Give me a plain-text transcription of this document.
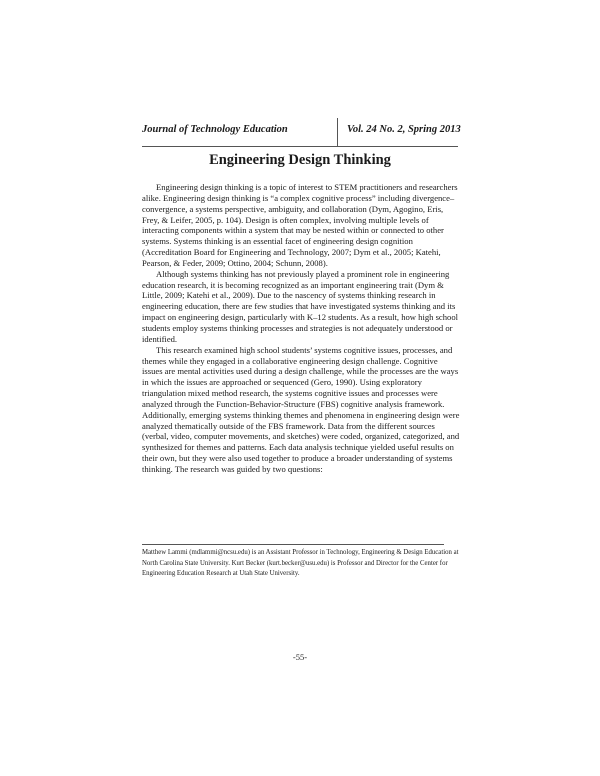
Journal of Technology Education	Vol. 24 No. 2, Spring 2013
Engineering Design Thinking

Engineering design thinking is a topic of interest to STEM practitioners and researchers alike. Engineering design thinking is “a complex cognitive process” including divergence–convergence, a systems perspective, ambiguity, and collaboration (Dym, Agogino, Eris, Frey, & Leifer, 2005, p. 104). Design is often complex, involving multiple levels of interacting components within a system that may be nested within or connected to other systems. Systems thinking is an essential facet of engineering design cognition (Accreditation Board for Engineering and Technology, 2007; Dym et al., 2005; Katehi, Pearson, & Feder, 2009; Ottino, 2004; Schunn, 2008).

Although systems thinking has not previously played a prominent role in engineering education research, it is becoming recognized as an important engineering trait (Dym & Little, 2009; Katehi et al., 2009). Due to the nascency of systems thinking research in engineering education, there are few studies that have investigated systems thinking and its impact on engineering design, particularly with K–12 students. As a result, how high school students employ systems thinking processes and strategies is not adequately understood or identified.

This research examined high school students’ systems cognitive issues, processes, and themes while they engaged in a collaborative engineering design challenge. Cognitive issues are mental activities used during a design challenge, while the processes are the ways in which the issues are approached or sequenced (Gero, 1990). Using exploratory triangulation mixed method research, the systems cognitive issues and processes were analyzed through the Function-Behavior-Structure (FBS) cognitive analysis framework. Additionally, emerging systems thinking themes and phenomena in engineering design were analyzed thematically outside of the FBS framework. Data from the different sources (verbal, video, computer movements, and sketches) were coded, organized, categorized, and synthesized for themes and patterns. Each data analysis technique yielded useful results on their own, but they were also used together to produce a broader understanding of systems thinking. The research was guided by two questions:

Matthew Lammi (mdlammi@ncsu.edu) is an Assistant Professor in Technology, Engineering & Design Education at North Carolina State University. Kurt Becker (kurt.becker@usu.edu) is Professor and Director for the Center for Engineering Education Research at Utah State University.
-55-
